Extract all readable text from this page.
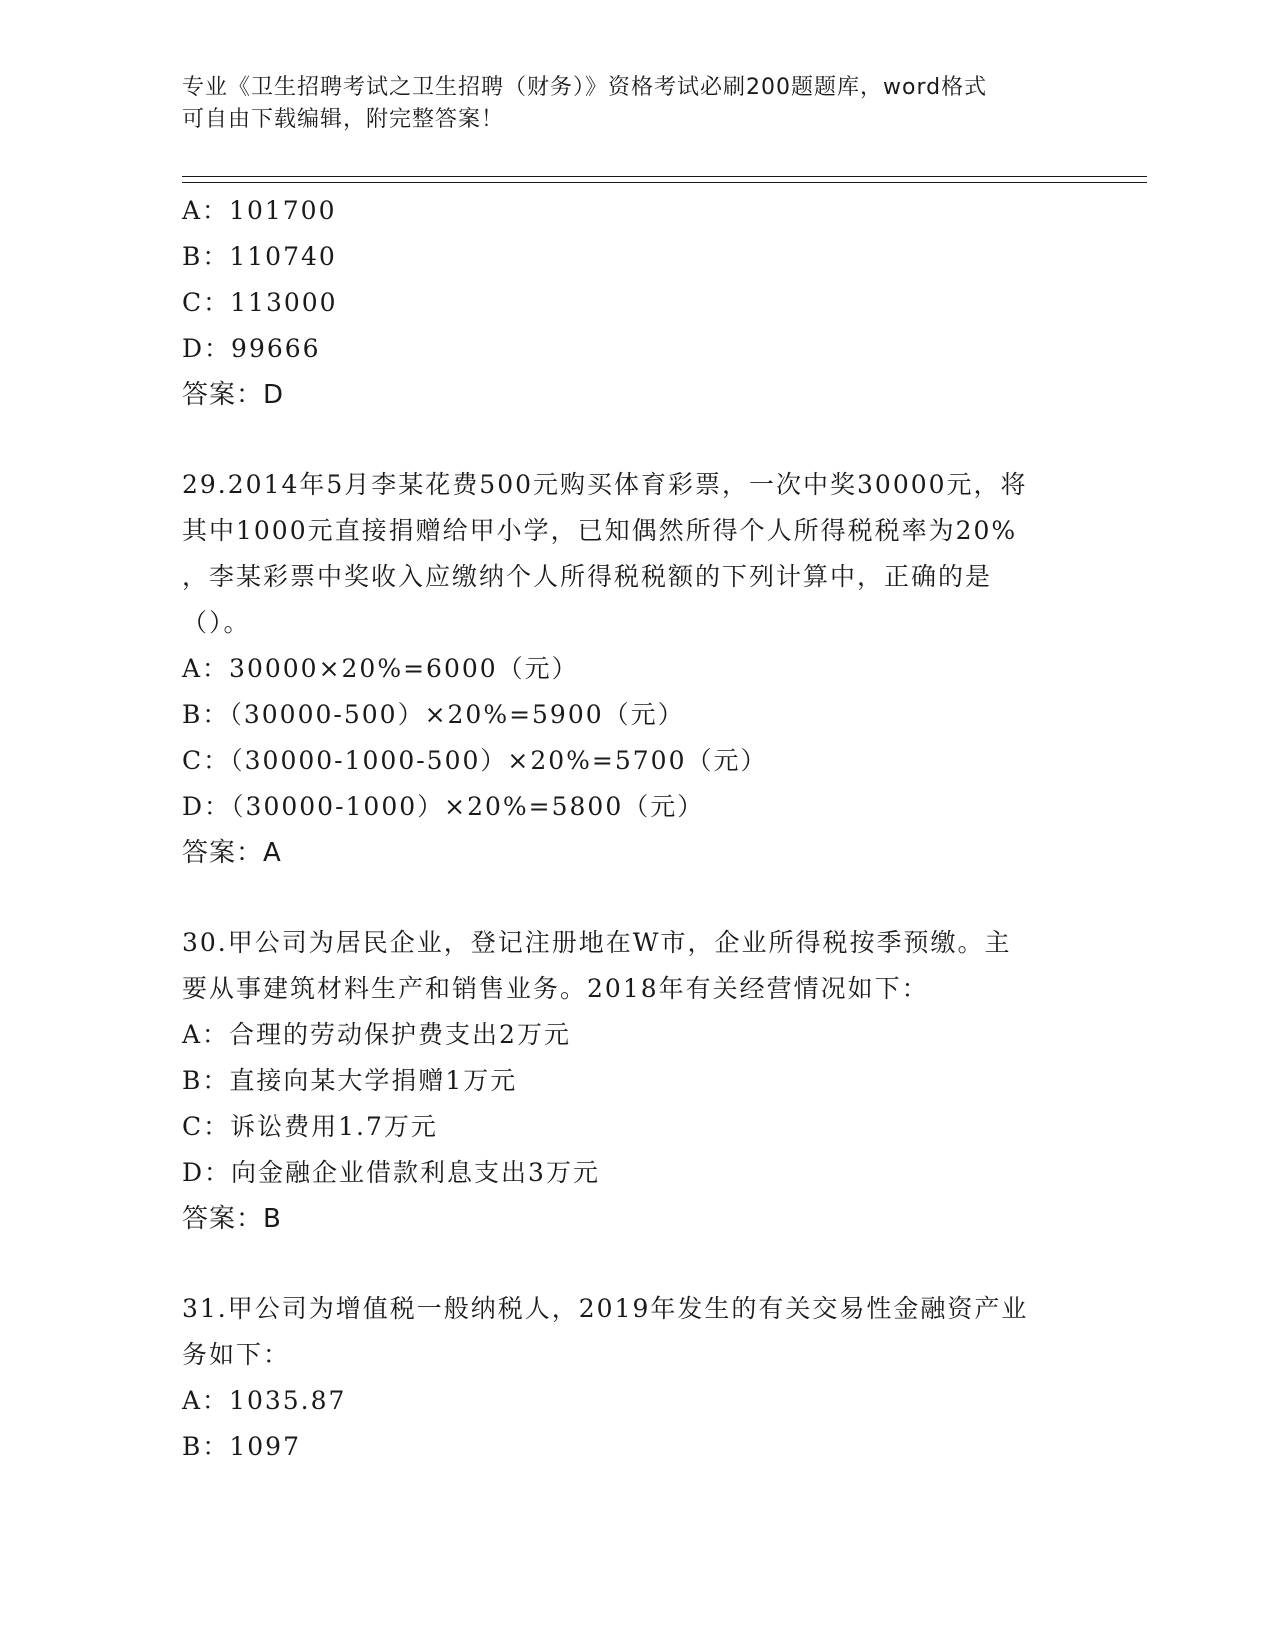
专业《卫生招聘考试之卫生招聘（财务）》资格考试必刷200题题库，word格式
可自由下载编辑，附完整答案！
A：101700
B：110740
C：113000
D：99666
答案：D
29.2014年5月李某花费500元购买体育彩票，一次中奖30000元，将
其中1000元直接捐赠给甲小学，已知偶然所得个人所得税税率为20%
，李某彩票中奖收入应缴纳个人所得税税额的下列计算中，正确的是
（）。
A：30000×20%=6000（元）
B：（30000-500）×20%=5900（元）
C：（30000-1000-500）×20%=5700（元）
D：（30000-1000）×20%=5800（元）
答案：A
30.甲公司为居民企业，登记注册地在W市，企业所得税按季预缴。主
要从事建筑材料生产和销售业务。2018年有关经营情况如下：
A：合理的劳动保护费支出2万元
B：直接向某大学捐赠1万元
C：诉讼费用1.7万元
D：向金融企业借款利息支出3万元
答案：B
31.甲公司为增值税一般纳税人，2019年发生的有关交易性金融资产业
务如下：
A：1035.87
B：1097
